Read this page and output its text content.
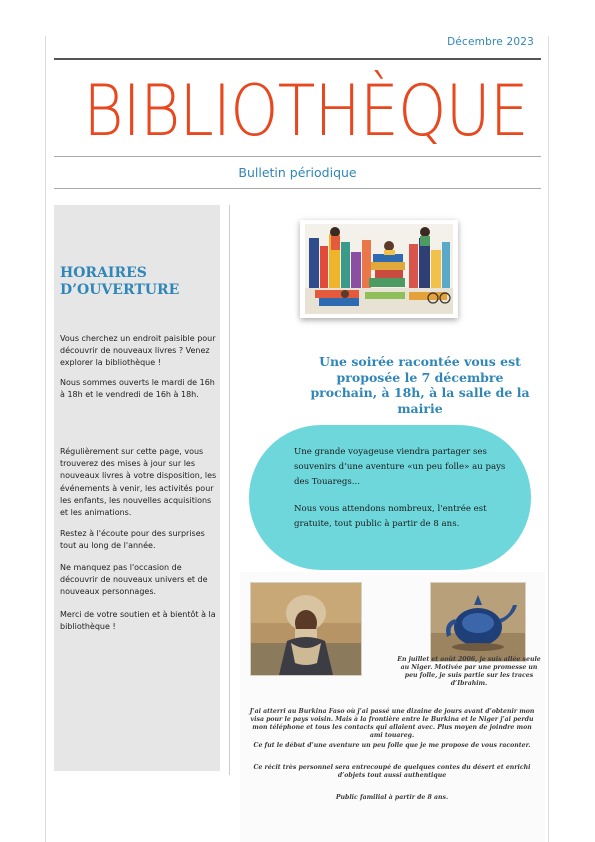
Décembre 2023
BIBLIOTHÈQUE
Bulletin périodique
HORAIRES D’OUVERTURE
Vous cherchez un endroit paisible pour découvrir de nouveaux livres ? Venez explorer la bibliothèque !
Nous sommes ouverts le mardi de 16h à 18h et le vendredi de 16h à 18h.
Régulièrement sur cette page, vous trouverez des mises à jour sur les nouveaux livres à votre disposition, les événements à venir, les activités pour les enfants, les nouvelles acquisitions et les animations.
Restez à l'écoute pour des surprises tout au long de l'année.
Ne manquez pas l'occasion de découvrir de nouveaux univers et de nouveaux personnages.
Merci de votre soutien et à bientôt à la bibliothèque !
Une soirée racontée vous est proposée le 7 décembre prochain, à 18h, à la salle de la mairie

Une grande voyageuse viendra partager ses souvenirs d’une aventure «un peu folle» au pays des Touaregs...

Nous vous attendons nombreux, l'entrée est gratuite, tout public à partir de 8 ans.

En juillet et août 2006, je suis allée seule au Niger. Motivée par une promesse un peu folle, je suis partie sur les traces d’Ibrahim.
J’ai atterri au Burkina Faso où j’ai passé une dizaine de jours avant d’obtenir mon visa pour le pays voisin. Mais à la frontière entre le Burkina et le Niger j’ai perdu mon téléphone et tous les contacts qui allaient avec. Plus moyen de joindre mon ami touareg.
Ce fut le début d’une aventure un peu folle que je me propose de vous raconter.
Ce récit très personnel sera entrecoupé de quelques contes du désert et enrichi d’objets tout aussi authentique
Public familial à partir de 8 ans.
